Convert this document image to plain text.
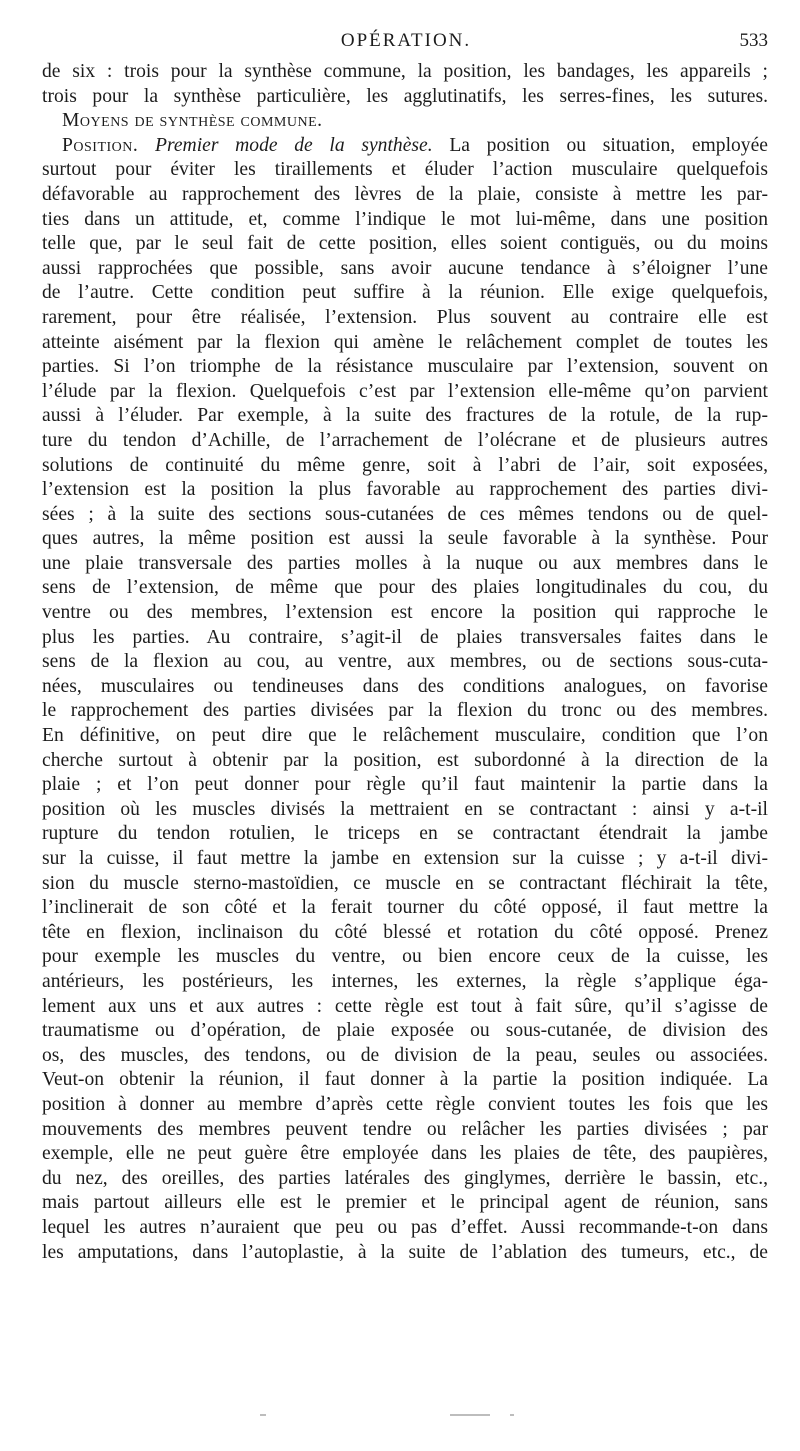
OPÉRATION.	533
de six : trois pour la synthèse commune, la position, les bandages, les appareils ;
trois pour la synthèse particulière, les agglutinatifs, les serres-fines, les sutures.
Moyens de synthèse commune.
Position. Premier mode de la synthèse. La position ou situation, employée
surtout pour éviter les tiraillements et éluder l’action musculaire quelquefois
défavorable au rapprochement des lèvres de la plaie, consiste à mettre les par-
ties dans un attitude, et, comme l’indique le mot lui-même, dans une position
telle que, par le seul fait de cette position, elles soient contiguës, ou du moins
aussi rapprochées que possible, sans avoir aucune tendance à s’éloigner l’une
de l’autre. Cette condition peut suffire à la réunion. Elle exige quelquefois,
rarement, pour être réalisée, l’extension. Plus souvent au contraire elle est
atteinte aisément par la flexion qui amène le relâchement complet de toutes les
parties. Si l’on triomphe de la résistance musculaire par l’extension, souvent on
l’élude par la flexion. Quelquefois c’est par l’extension elle-même qu’on parvient
aussi à l’éluder. Par exemple, à la suite des fractures de la rotule, de la rup-
ture du tendon d’Achille, de l’arrachement de l’olécrane et de plusieurs autres
solutions de continuité du même genre, soit à l’abri de l’air, soit exposées,
l’extension est la position la plus favorable au rapprochement des parties divi-
sées ; à la suite des sections sous-cutanées de ces mêmes tendons ou de quel-
ques autres, la même position est aussi la seule favorable à la synthèse. Pour
une plaie transversale des parties molles à la nuque ou aux membres dans le
sens de l’extension, de même que pour des plaies longitudinales du cou, du
ventre ou des membres, l’extension est encore la position qui rapproche le
plus les parties. Au contraire, s’agit-il de plaies transversales faites dans le
sens de la flexion au cou, au ventre, aux membres, ou de sections sous-cuta-
nées, musculaires ou tendineuses dans des conditions analogues, on favorise
le rapprochement des parties divisées par la flexion du tronc ou des membres.
En définitive, on peut dire que le relâchement musculaire, condition que l’on
cherche surtout à obtenir par la position, est subordonné à la direction de la
plaie ; et l’on peut donner pour règle qu’il faut maintenir la partie dans la
position où les muscles divisés la mettraient en se contractant : ainsi y a-t-il
rupture du tendon rotulien, le triceps en se contractant étendrait la jambe
sur la cuisse, il faut mettre la jambe en extension sur la cuisse ; y a-t-il divi-
sion du muscle sterno-mastoïdien, ce muscle en se contractant fléchirait la tête,
l’inclinerait de son côté et la ferait tourner du côté opposé, il faut mettre la
tête en flexion, inclinaison du côté blessé et rotation du côté opposé. Prenez
pour exemple les muscles du ventre, ou bien encore ceux de la cuisse, les
antérieurs, les postérieurs, les internes, les externes, la règle s’applique éga-
lement aux uns et aux autres : cette règle est tout à fait sûre, qu’il s’agisse de
traumatisme ou d’opération, de plaie exposée ou sous-cutanée, de division des
os, des muscles, des tendons, ou de division de la peau, seules ou associées.
Veut-on obtenir la réunion, il faut donner à la partie la position indiquée. La
position à donner au membre d’après cette règle convient toutes les fois que les
mouvements des membres peuvent tendre ou relâcher les parties divisées ; par
exemple, elle ne peut guère être employée dans les plaies de tête, des paupières,
du nez, des oreilles, des parties latérales des ginglymes, derrière le bassin, etc.,
mais partout ailleurs elle est le premier et le principal agent de réunion, sans
lequel les autres n’auraient que peu ou pas d’effet. Aussi recommande-t-on dans
les amputations, dans l’autoplastie, à la suite de l’ablation des tumeurs, etc., de
